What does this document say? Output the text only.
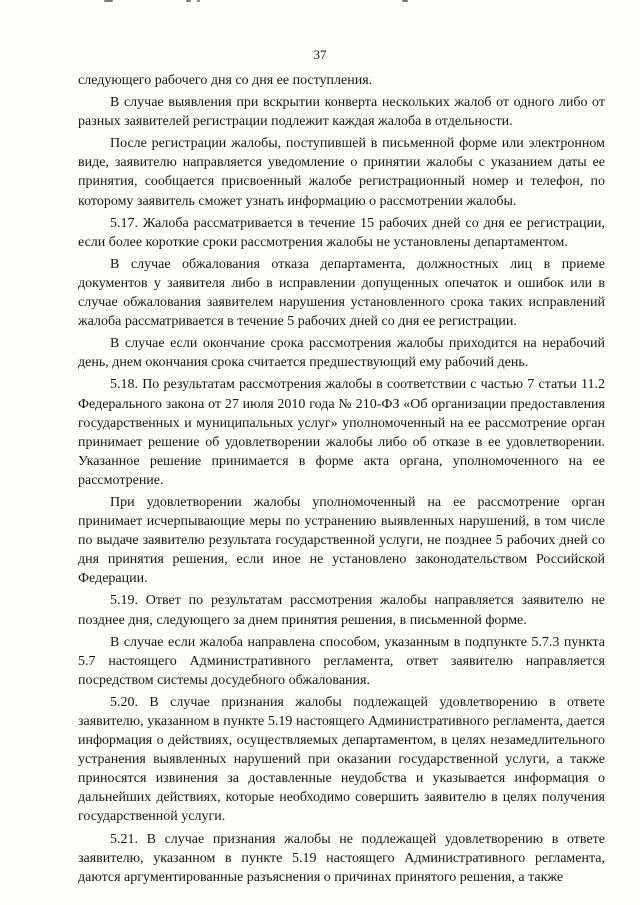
37

следующего рабочего дня со дня ее поступления.

В случае выявления при вскрытии конверта нескольких жалоб от одного либо от разных заявителей регистрации подлежит каждая жалоба в отдельности.

После регистрации жалобы, поступившей в письменной форме или электронном виде, заявителю направляется уведомление о принятии жалобы с указанием даты ее принятия, сообщается присвоенный жалобе регистрационный номер и телефон, по которому заявитель сможет узнать информацию о рассмотрении жалобы.

5.17. Жалоба рассматривается в течение 15 рабочих дней со дня ее регистрации, если более короткие сроки рассмотрения жалобы не установлены департаментом.

В случае обжалования отказа департамента, должностных лиц в приеме документов у заявителя либо в исправлении допущенных опечаток и ошибок или в случае обжалования заявителем нарушения установленного срока таких исправлений жалоба рассматривается в течение 5 рабочих дней со дня ее регистрации.

В случае если окончание срока рассмотрения жалобы приходится на нерабочий день, днем окончания срока считается предшествующий ему рабочий день.

5.18. По результатам рассмотрения жалобы в соответствии с частью 7 статьи 11.2 Федерального закона от 27 июля 2010 года № 210-ФЗ «Об организации предоставления государственных и муниципальных услуг» уполномоченный на ее рассмотрение орган принимает решение об удовлетворении жалобы либо об отказе в ее удовлетворении. Указанное решение принимается в форме акта органа, уполномоченного на ее рассмотрение.

При удовлетворении жалобы уполномоченный на ее рассмотрение орган принимает исчерпывающие меры по устранению выявленных нарушений, в том числе по выдаче заявителю результата государственной услуги, не позднее 5 рабочих дней со дня принятия решения, если иное не установлено законодательством Российской Федерации.

5.19. Ответ по результатам рассмотрения жалобы направляется заявителю не позднее дня, следующего за днем принятия решения, в письменной форме.

В случае если жалоба направлена способом, указанным в подпункте 5.7.3 пункта 5.7 настоящего Административного регламента, ответ заявителю направляется посредством системы досудебного обжалования.

5.20. В случае признания жалобы подлежащей удовлетворению в ответе заявителю, указанном в пункте 5.19 настоящего Административного регламента, дается информация о действиях, осуществляемых департаментом, в целях незамедлительного устранения выявленных нарушений при оказании государственной услуги, а также приносятся извинения за доставленные неудобства и указывается информация о дальнейших действиях, которые необходимо совершить заявителю в целях получения государственной услуги.

5.21. В случае признания жалобы не подлежащей удовлетворению в ответе заявителю, указанном в пункте 5.19 настоящего Административного регламента, даются аргументированные разъяснения о причинах принятого решения, а также
